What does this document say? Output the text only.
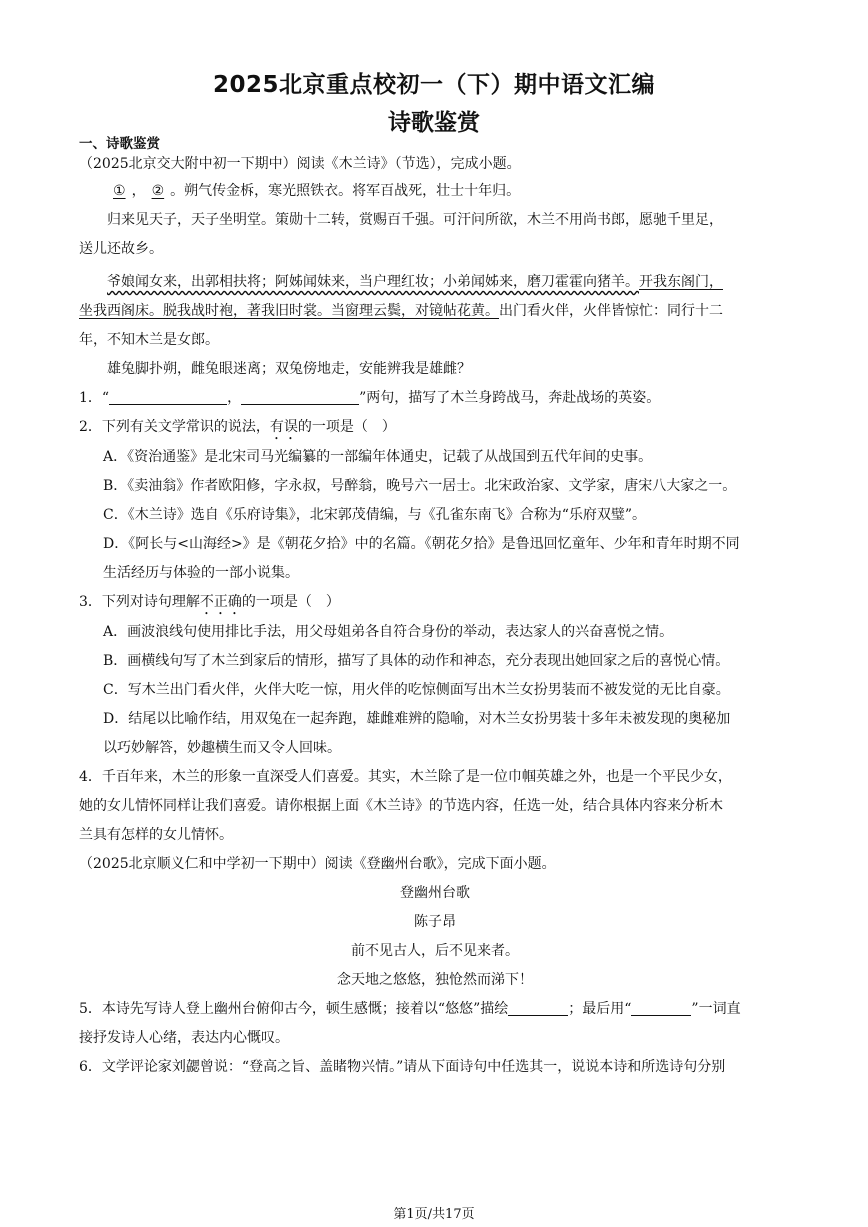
2025北京重点校初一（下）期中语文汇编
诗歌鉴赏
一、诗歌鉴赏
（2025北京交大附中初一下期中）阅读《木兰诗》（节选），完成小题。
① ， ② 。朔气传金柝，寒光照铁衣。将军百战死，壮士十年归。
归来见天子，天子坐明堂。策勋十二转，赏赐百千强。可汗问所欲，木兰不用尚书郎，愿驰千里足，
送儿还故乡。
爷娘闻女来，出郭相扶将；阿姊闻妹来，当户理红妆；小弟闻姊来，磨刀霍霍向猪羊。开我东阁门，
坐我西阁床。脱我战时袍，著我旧时裳。当窗理云鬓，对镜帖花黄。出门看火伴，火伴皆惊忙：同行十二
年，不知木兰是女郎。
雄兔脚扑朔，雌兔眼迷离；双兔傍地走，安能辨我是雄雌？
1．“	，	”两句，描写了木兰身跨战马，奔赴战场的英姿。
2．下列有关文学常识的说法，有误的一项是（　）
A．《资治通鉴》是北宋司马光编纂的一部编年体通史，记载了从战国到五代年间的史事。
B．《卖油翁》作者欧阳修，字永叔，号醉翁，晚号六一居士。北宋政治家、文学家，唐宋八大家之一。
C．《木兰诗》选自《乐府诗集》，北宋郭茂倩编，与《孔雀东南飞》合称为“乐府双璧”。
D．《阿长与<山海经>》是《朝花夕拾》中的名篇。《朝花夕拾》是鲁迅回忆童年、少年和青年时期不同
生活经历与体验的一部小说集。
3．下列对诗句理解不正确的一项是（　）
A．画波浪线句使用排比手法，用父母姐弟各自符合身份的举动，表达家人的兴奋喜悦之情。
B．画横线句写了木兰到家后的情形，描写了具体的动作和神态，充分表现出她回家之后的喜悦心情。
C．写木兰出门看火伴，火伴大吃一惊，用火伴的吃惊侧面写出木兰女扮男装而不被发觉的无比自豪。
D．结尾以比喻作结，用双兔在一起奔跑，雄雌难辨的隐喻，对木兰女扮男装十多年未被发现的奥秘加
以巧妙解答，妙趣横生而又令人回味。
4．千百年来，木兰的形象一直深受人们喜爱。其实，木兰除了是一位巾帼英雄之外，也是一个平民少女，
她的女儿情怀同样让我们喜爱。请你根据上面《木兰诗》的节选内容，任选一处，结合具体内容来分析木
兰具有怎样的女儿情怀。
（2025北京顺义仁和中学初一下期中）阅读《登幽州台歌》，完成下面小题。
登幽州台歌
陈子昂
前不见古人，后不见来者。
念天地之悠悠，独怆然而涕下！
5．本诗先写诗人登上幽州台俯仰古今，顿生感慨；接着以“悠悠”描绘	；最后用“	”一词直
接抒发诗人心绪，表达内心慨叹。
6．文学评论家刘勰曾说：“登高之旨、盖睹物兴情。”请从下面诗句中任选其一，说说本诗和所选诗句分别
第1页/共17页
